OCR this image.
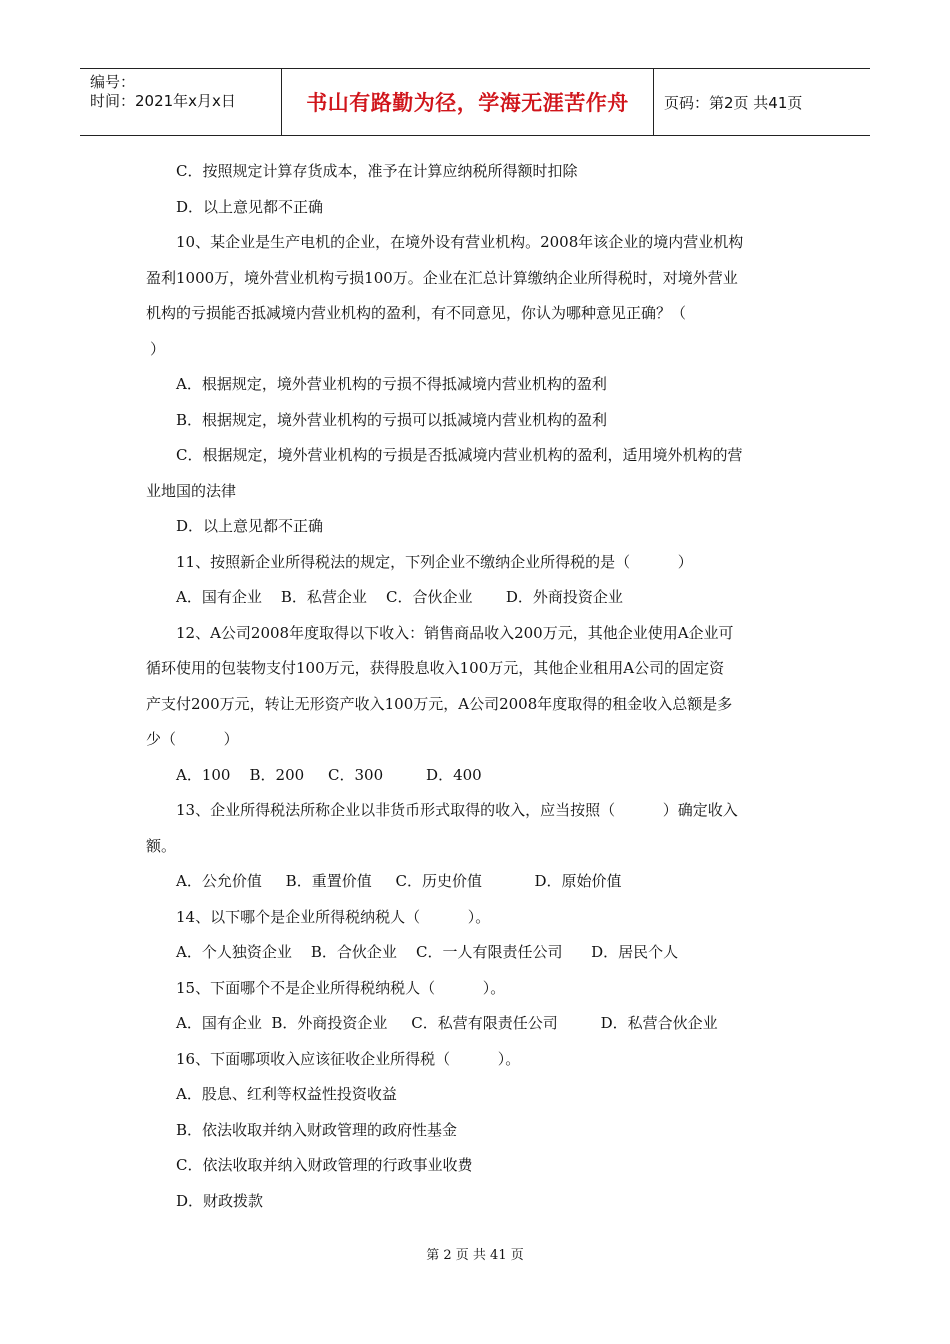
编号：
时间：2021年x月x日	书山有路勤为径，学海无涯苦作舟 页码：第2页 共41页
C．按照规定计算存货成本，准予在计算应纳税所得额时扣除
D．以上意见都不正确
10、某企业是生产电机的企业，在境外设有营业机构。2008年该企业的境内营业机构
盈利1000万，境外营业机构亏损100万。企业在汇总计算缴纳企业所得税时，对境外营业
机构的亏损能否抵减境内营业机构的盈利，有不同意见，你认为哪种意见正确？（
）
A．根据规定，境外营业机构的亏损不得抵减境内营业机构的盈利
B．根据规定，境外营业机构的亏损可以抵减境内营业机构的盈利
C．根据规定，境外营业机构的亏损是否抵减境内营业机构的盈利，适用境外机构的营
业地国的法律
D．以上意见都不正确
11、按照新企业所得税法的规定，下列企业不缴纳企业所得税的是（          ）
A．国有企业    B．私营企业    C．合伙企业       D．外商投资企业
12、A公司2008年度取得以下收入：销售商品收入200万元，其他企业使用A企业可
循环使用的包装物支付100万元，获得股息收入100万元，其他企业租用A公司的固定资
产支付200万元，转让无形资产收入100万元，A公司2008年度取得的租金收入总额是多
少（          ）
A．100    B．200     C．300         D．400
13、企业所得税法所称企业以非货币形式取得的收入，应当按照（          ）确定收入
额。
A．公允价值     B．重置价值     C．历史价值           D．原始价值
14、以下哪个是企业所得税纳税人（          ）。
A．个人独资企业    B．合伙企业    C．一人有限责任公司      D．居民个人
15、下面哪个不是企业所得税纳税人（          ）。
A．国有企业  B．外商投资企业     C．私营有限责任公司         D．私营合伙企业
16、下面哪项收入应该征收企业所得税（          ）。
A．股息、红利等权益性投资收益
B．依法收取并纳入财政管理的政府性基金
C．依法收取并纳入财政管理的行政事业收费
D．财政拨款
第 2 页 共 41 页
